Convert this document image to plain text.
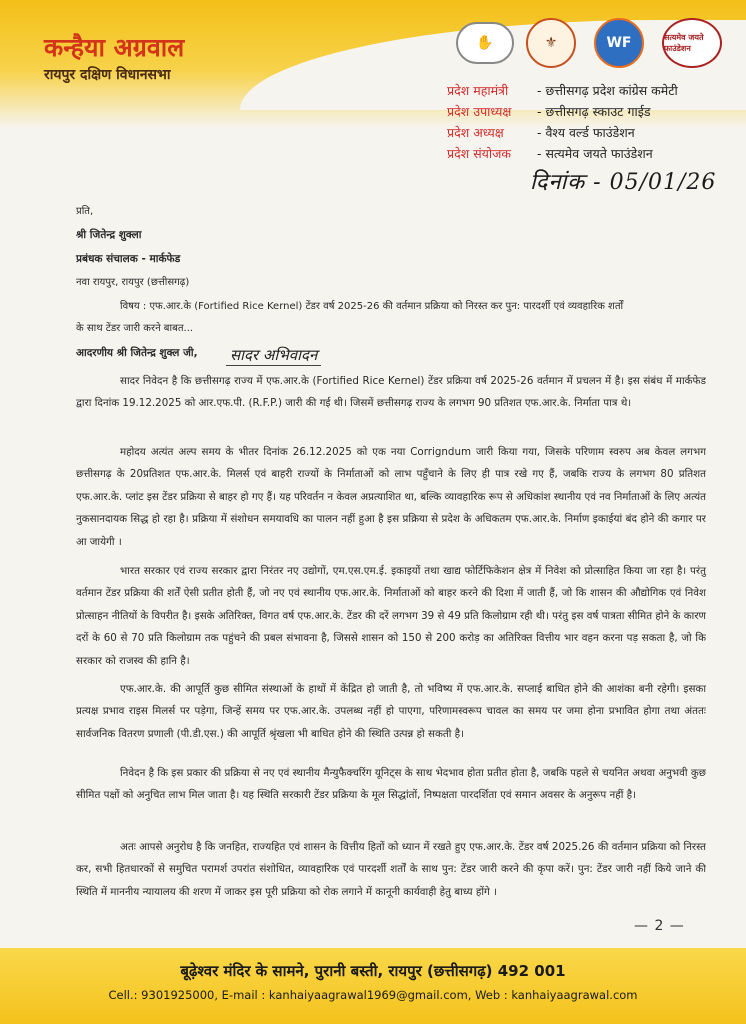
कन्हैया अग्रवाल
रायपुर दक्षिण विधानसभा
✋	⚜	WF	सत्यमेव जयते फाउंडेशन
प्रदेश महामंत्री - छत्तीसगढ़ प्रदेश कांग्रेस कमेटी
प्रदेश उपाध्यक्ष - छत्तीसगढ़ स्काउट गाईड
प्रदेश अध्यक्ष	- वैश्य वर्ल्ड फाउंडेशन
प्रदेश संयोजक - सत्यमेव जयते फाउंडेशन
दिनांक - 05/01/26
प्रति,
श्री जितेन्द्र शुक्ला
प्रबंधक संचालक - मार्कफेड
नवा रायपुर, रायपुर (छत्तीसगढ़)
विषय : एफ.आर.के (Fortified Rice Kernel) टेंडर वर्ष 2025-26 की वर्तमान प्रक्रिया को निरस्त कर पुन: पारदर्शी एवं व्यवहारिक शर्तों
के साथ टेंडर जारी करने बाबत...
आदरणीय श्री जितेन्द्र शुक्ल जी, सादर अभिवादन
सादर निवेदन है कि छत्तीसगढ़ राज्य में एफ.आर.के (Fortified Rice Kernel) टेंडर प्रक्रिया वर्ष 2025-26 वर्तमान में प्रचलन में है। इस संबंध में मार्कफेड द्वारा दिनांक 19.12.2025 को आर.एफ.पी. (R.F.P.) जारी की गई थी। जिसमें छत्तीसगढ़ राज्य के लगभग 90 प्रतिशत एफ.आर.के. निर्माता पात्र थे।
महोदय अत्यंत अल्प समय के भीतर दिनांक 26.12.2025 को एक नया Corrigndum जारी किया गया, जिसके परिणाम स्वरुप अब केवल लगभग छत्तीसगढ़ के 20प्रतिशत एफ.आर.के. मिलर्स एवं बाहरी राज्यों के निर्माताओं को लाभ पहुँचाने के लिए ही पात्र रखे गए हैं, जबकि राज्य के लगभग 80 प्रतिशत एफ.आर.के. प्लांट इस टेंडर प्रक्रिया से बाहर हो गए हैं। यह परिवर्तन न केवल अप्रत्याशित था, बल्कि व्यावहारिक रूप से अधिकांश स्थानीय एवं नव निर्माताओं के लिए अत्यंत नुकसानदायक सिद्ध हो रहा है। प्रक्रिया में संशोधन समयावधि का पालन नहीं हुआ है इस प्रक्रिया से प्रदेश के अधिकतम एफ.आर.के. निर्माण इकाईयां बंद होने की कगार पर आ जायेगी ।
भारत सरकार एवं राज्य सरकार द्वारा निरंतर नए उद्योगों, एम.एस.एम.ई. इकाइयों तथा खाद्य फोर्टिफिकेशन क्षेत्र में निवेश को प्रोत्साहित किया जा रहा है। परंतु वर्तमान टेंडर प्रक्रिया की शर्तें ऐसी प्रतीत होती हैं, जो नए एवं स्थानीय एफ.आर.के. निर्माताओं को बाहर करने की दिशा में जाती हैं, जो कि शासन की औद्योगिक एवं निवेश प्रोत्साहन नीतियों के विपरीत है। इसके अतिरिक्त, विगत वर्ष एफ.आर.के. टेंडर की दरें लगभग 39 से 49 प्रति किलोग्राम रही थी। परंतु इस वर्ष पात्रता सीमित होने के कारण दरों के 60 से 70 प्रति किलोग्राम तक पहुंचने की प्रबल संभावना है, जिससे शासन को 150 से 200 करोड़ का अतिरिक्त वित्तीय भार वहन करना पड़ सकता है, जो कि सरकार को राजस्व की हानि है।
एफ.आर.के. की आपूर्ति कुछ सीमित संस्थाओं के हाथों में केंद्रित हो जाती है, तो भविष्य में एफ.आर.के. सप्लाई बाधित होने की आशंका बनी रहेगी। इसका प्रत्यक्ष प्रभाव राइस मिलर्स पर पड़ेगा, जिन्हें समय पर एफ.आर.के. उपलब्ध नहीं हो पाएगा, परिणामस्वरूप चावल का समय पर जमा होना प्रभावित होगा तथा अंततः सार्वजनिक वितरण प्रणाली (पी.डी.एस.) की आपूर्ति श्रृंखला भी बाधित होने की स्थिति उत्पन्न हो सकती है।
निवेदन है कि इस प्रकार की प्रक्रिया से नए एवं स्थानीय मैन्युफैक्चरिंग यूनिट्स के साथ भेदभाव होता प्रतीत होता है, जबकि पहले से चयनित अथवा अनुभवी कुछ सीमित पक्षों को अनुचित लाभ मिल जाता है। यह स्थिति सरकारी टेंडर प्रक्रिया के मूल सिद्धांतों, निष्पक्षता पारदर्शिता एवं समान अवसर के अनुरूप नहीं है।
अतः आपसे अनुरोध है कि जनहित, राज्यहित एवं शासन के वित्तीय हितों को ध्यान में रखते हुए एफ.आर.के. टेंडर वर्ष 2025.26 की वर्तमान प्रक्रिया को निरस्त कर, सभी हितधारकों से समुचित परामर्श उपरांत संशोधित, व्यावहारिक एवं पारदर्शी शर्तों के साथ पुन: टेंडर जारी करने की कृपा करें। पुन: टेंडर जारी नहीं किये जाने की स्थिति में माननीय न्यायालय की शरण में जाकर इस पूरी प्रक्रिया को रोक लगाने में कानूनी कार्यवाही हेतु बाध्य होंगे ।
— 2 —
बूढ़ेश्वर मंदिर के सामने, पुरानी बस्ती, रायपुर (छत्तीसगढ़) 492 001
Cell.: 9301925000, E-mail : kanhaiyaagrawal1969@gmail.com, Web : kanhaiyaagrawal.com
